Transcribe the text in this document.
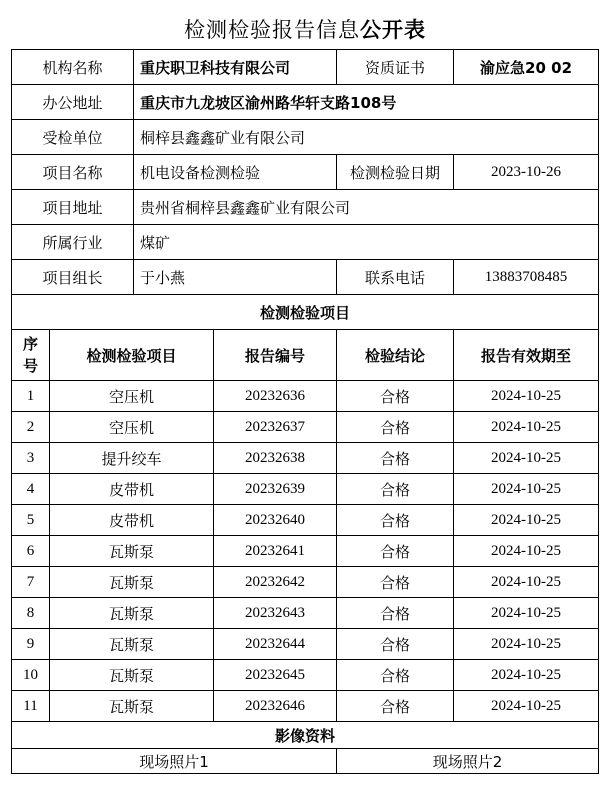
检测检验报告信息公开表
机构名称		重庆职卫科技有限公司		资质证书	渝应急20 02
办公地址		重庆市九龙坡区渝州路华轩支路108号			
受检单位		桐梓县鑫鑫矿业有限公司			
项目名称		机电设备检测检验		检测检验日期	2023-10-26
项目地址		贵州省桐梓县鑫鑫矿业有限公司			
所属行业		煤矿			
项目组长		于小燕		联系电话	13883708485
检测检验项目					
序号	检测检验项目		报告编号	检验结论	报告有效期至
1	空压机		20232636	合格	2024-10-25
2	空压机		20232637	合格	2024-10-25
3	提升绞车		20232638	合格	2024-10-25
4	皮带机		20232639	合格	2024-10-25
5	皮带机		20232640	合格	2024-10-25
6	瓦斯泵		20232641	合格	2024-10-25
7	瓦斯泵		20232642	合格	2024-10-25
8	瓦斯泵		20232643	合格	2024-10-25
9	瓦斯泵		20232644	合格	2024-10-25
10	瓦斯泵		20232645	合格	2024-10-25
11	瓦斯泵		20232646	合格	2024-10-25
影像资料					
现场照片1				现场照片2	
